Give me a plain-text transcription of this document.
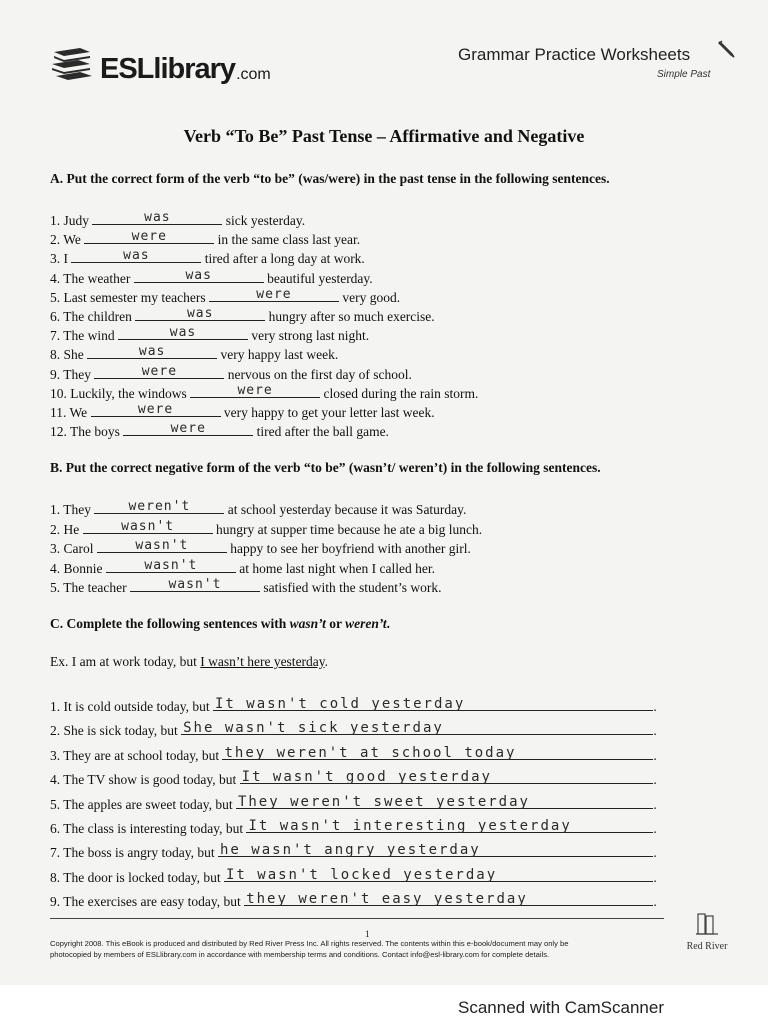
ESLlibrary .com
Grammar Practice Worksheets
Simple Past
Verb “To Be” Past Tense – Affirmative and Negative
A. Put the correct form of the verb “to be” (was/were) in the past tense in the following sentences.
1. Judy	was	sick yesterday.
2. We	were	in the same class last year.
3. I	was	tired after a long day at work.
4. The weather	was	beautiful yesterday.
5. Last semester my teachers	were	very good.
6. The children	was	hungry after so much exercise.
7. The wind	was	very strong last night.
8. She	was	very happy last week.
9. They	were	nervous on the first day of school.
10. Luckily, the windows	were	closed during the rain storm.
11. We	were	very happy to get your letter last week.
12. The boys	were	tired after the ball game.
B. Put the correct negative form of the verb “to be” (wasn’t/ weren’t) in the following sentences.
1. They	weren't	at school yesterday because it was Saturday.
2. He	wasn't	hungry at supper time because he ate a big lunch.
3. Carol	wasn't	happy to see her boyfriend with another girl.
4. Bonnie	wasn't	at home last night when I called her.
5. The teacher	wasn't	satisfied with the student’s work.
C. Complete the following sentences with wasn’t or weren’t.
Ex. I am at work today, but I wasn’t here yesterday.
1. It is cold outside today, but It wasn't cold yesterday	.
2. She is sick today, but She wasn't sick yesterday	.
3. They are at school today, but they weren't at school today	.
4. The TV show is good today, but It wasn't good yesterday	.
5. The apples are sweet today, but They weren't sweet yesterday	.
6. The class is interesting today, but It wasn't interesting yesterday	.
7. The boss is angry today, but he wasn't angry yesterday	.
8. The door is locked today, but It wasn't locked yesterday	.
9. The exercises are easy today, but they weren't easy yesterday	.
1
Copyright 2008. This eBook is produced and distributed by Red River Press Inc. All rights reserved. The contents within this e-book/document may only be
photocopied by members of ESLlibrary.com in accordance with membership terms and conditions. Contact info@esl-library.com for complete details.
Red River
Scanned with CamScanner
